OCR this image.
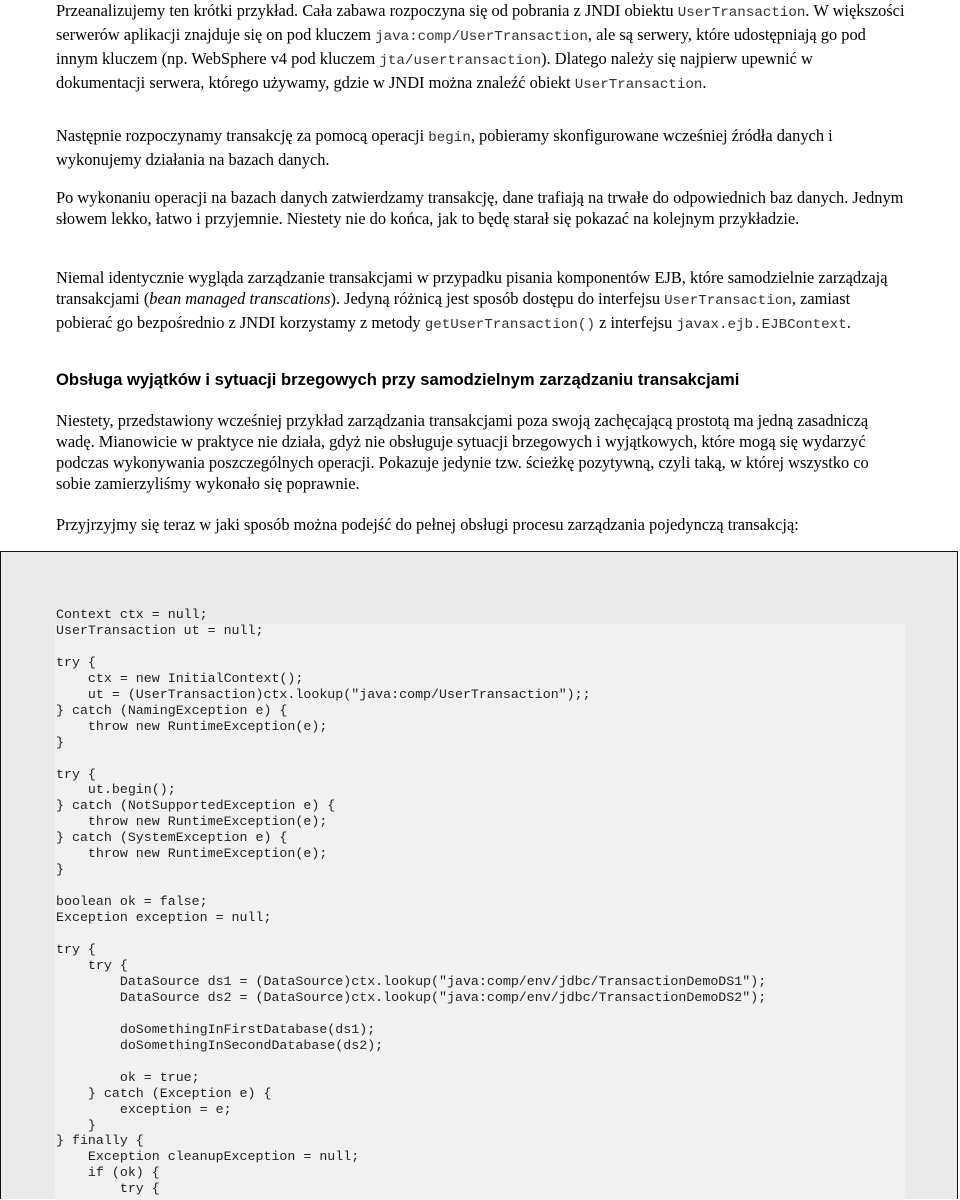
Przeanalizujemy ten krótki przykład. Cała zabawa rozpoczyna się od pobrania z JNDI obiektu UserTransaction. W większości serwerów aplikacji znajduje się on pod kluczem java:comp/UserTransaction, ale są serwery, które udostępniają go pod innym kluczem (np. WebSphere v4 pod kluczem jta/usertransaction). Dlatego należy się najpierw upewnić w dokumentacji serwera, którego używamy, gdzie w JNDI można znaleźć obiekt UserTransaction.

Następnie rozpoczynamy transakcję za pomocą operacji begin, pobieramy skonfigurowane wcześniej źródła danych i wykonujemy działania na bazach danych.

Po wykonaniu operacji na bazach danych zatwierdzamy transakcję, dane trafiają na trwałe do odpowiednich baz danych. Jednym słowem lekko, łatwo i przyjemnie. Niestety nie do końca, jak to będę starał się pokazać na kolejnym przykładzie.

Niemal identycznie wygląda zarządzanie transakcjami w przypadku pisania komponentów EJB, które samodzielnie zarządzają transakcjami (bean managed transcations). Jedyną różnicą jest sposób dostępu do interfejsu UserTransaction, zamiast pobierać go bezpośrednio z JNDI korzystamy z metody getUserTransaction() z interfejsu javax.ejb.EJBContext.

Obsługa wyjątków i sytuacji brzegowych przy samodzielnym zarządzaniu transakcjami

Niestety, przedstawiony wcześniej przykład zarządzania transakcjami poza swoją zachęcającą prostotą ma jedną zasadniczą wadę. Mianowicie w praktyce nie działa, gdyż nie obsługuje sytuacji brzegowych i wyjątkowych, które mogą się wydarzyć podczas wykonywania poszczególnych operacji. Pokazuje jedynie tzw. ścieżkę pozytywną, czyli taką, w której wszystko co sobie zamierzyliśmy wykonało się poprawnie.

Przyjrzyjmy się teraz w jaki sposób można podejść do pełnej obsługi procesu zarządzania pojedynczą transakcją:

Context ctx = null;
UserTransaction ut = null;

try {
ctx = new InitialContext();
ut = (UserTransaction)ctx.lookup("java:comp/UserTransaction");;
} catch (NamingException e) {
throw new RuntimeException(e);
}

try {
ut.begin();
} catch (NotSupportedException e) {
throw new RuntimeException(e);
} catch (SystemException e) {
throw new RuntimeException(e);
}

boolean ok = false;
Exception exception = null;

try {
try {
DataSource ds1 = (DataSource)ctx.lookup("java:comp/env/jdbc/TransactionDemoDS1");
DataSource ds2 = (DataSource)ctx.lookup("java:comp/env/jdbc/TransactionDemoDS2");

doSomethingInFirstDatabase(ds1);
doSomethingInSecondDatabase(ds2);

ok = true;
} catch (Exception e) {
exception = e;
}
} finally {
Exception cleanupException = null;
if (ok) {
try {
